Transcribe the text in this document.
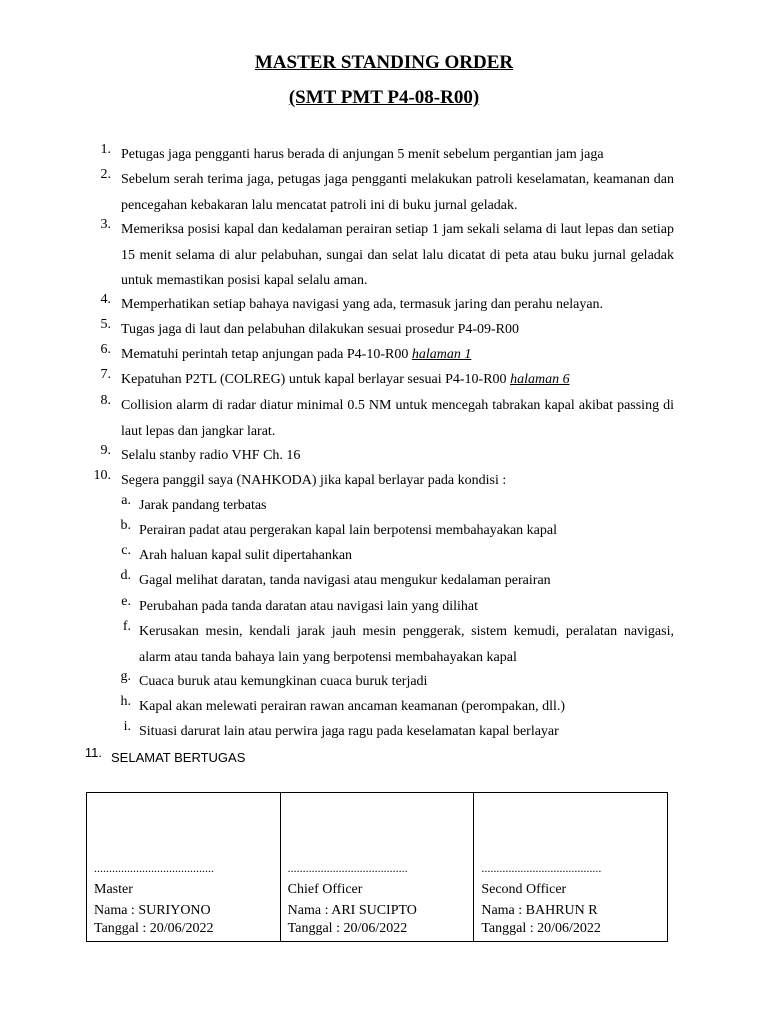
MASTER STANDING ORDER
(SMT PMT P4-08-R00)
1. Petugas jaga pengganti harus berada di anjungan 5 menit sebelum pergantian jam jaga
2. Sebelum serah terima jaga, petugas jaga pengganti melakukan patroli keselamatan, keamanan dan pencegahan kebakaran lalu mencatat patroli ini di buku jurnal geladak.
3. Memeriksa posisi kapal dan kedalaman perairan setiap 1 jam sekali selama di laut lepas dan setiap 15 menit selama di alur pelabuhan, sungai dan selat lalu dicatat di peta atau buku jurnal geladak untuk memastikan posisi kapal selalu aman.
4. Memperhatikan setiap bahaya navigasi yang ada, termasuk jaring dan perahu nelayan.
5. Tugas jaga di laut dan pelabuhan dilakukan sesuai prosedur P4-09-R00
6. Mematuhi perintah tetap anjungan pada P4-10-R00 halaman 1
7. Kepatuhan P2TL (COLREG) untuk kapal berlayar sesuai P4-10-R00 halaman 6
8. Collision alarm di radar diatur minimal 0.5 NM untuk mencegah tabrakan kapal akibat passing di laut lepas dan jangkar larat.
9. Selalu stanby radio VHF Ch. 16
10. Segera panggil saya (NAHKODA) jika kapal berlayar pada kondisi :
a. Jarak pandang terbatas
b. Perairan padat atau pergerakan kapal lain berpotensi membahayakan kapal
c. Arah haluan kapal sulit dipertahankan
d. Gagal melihat daratan, tanda navigasi atau mengukur kedalaman perairan
e. Perubahan pada tanda daratan atau navigasi lain yang dilihat
f. Kerusakan mesin, kendali jarak jauh mesin penggerak, sistem kemudi, peralatan navigasi, alarm atau tanda bahaya lain yang berpotensi membahayakan kapal
g. Cuaca buruk atau kemungkinan cuaca buruk terjadi
h. Kapal akan melewati perairan rawan ancaman keamanan (perompakan, dll.)
i. Situasi darurat lain atau perwira jaga ragu pada keselamatan kapal berlayar
11. SELAMAT BERTUGAS
........................................
Master
Nama : SURIYONO
Tanggal : 20/06/2022
........................................
Chief Officer
Nama : ARI SUCIPTO
Tanggal : 20/06/2022
........................................
Second Officer
Nama : BAHRUN R
Tanggal : 20/06/2022
